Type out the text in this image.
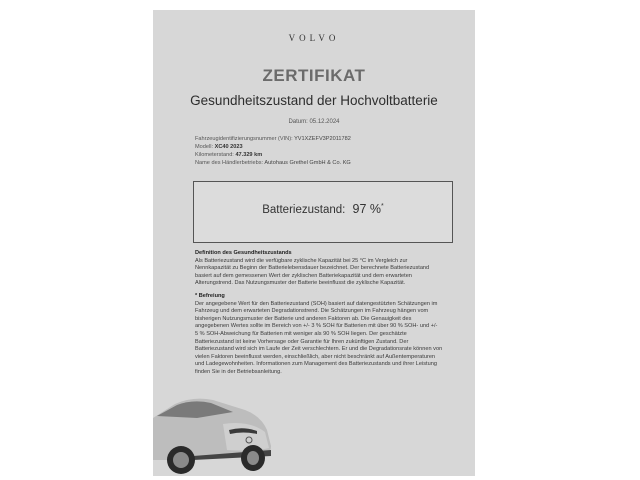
VOLVO
ZERTIFIKAT
Gesundheitszustand der Hochvoltbatterie
Datum: 05.12.2024
Fahrzeugidentifizierungsnummer (VIN): YV1XZEFV3P2011782
Modell: XC40 2023
Kilometerstand: 47.329 km
Name des Händlerbetriebs: Autohaus Grethel GmbH & Co. KG
Batteriezustand: 97 %*
Definition des Gesundheitszustands
Als Batteriezustand wird die verfügbare zyklische Kapazität bei 25 °C im Vergleich zur
Nennkapazität zu Beginn der Batterielebensdauer bezeichnet. Der berechnete Batteriezustand
basiert auf dem gemessenen Wert der zyklischen Batteriekapazität und dem erwarteten
Alterungstrend. Das Nutzungsmuster der Batterie beeinflusst die zyklische Kapazität.
* Befreiung
Der angegebene Wert für den Batteriezustand (SOH) basiert auf datengestützten Schätzungen im
Fahrzeug und dem erwarteten Degradationstrend. Die Schätzungen im Fahrzeug hängen vom
bisherigen Nutzungsmuster der Batterie und anderen Faktoren ab. Die Genauigkeit des
angegebenen Wertes sollte im Bereich von +/- 3 % SOH für Batterien mit über 90 % SOH- und +/-
5 % SOH-Abweichung für Batterien mit weniger als 90 % SOH liegen. Der geschätzte
Batteriezustand ist keine Vorhersage oder Garantie für Ihren zukünftigen Zustand. Der
Batteriezustand wird sich im Laufe der Zeit verschlechtern. Er und die Degradationsrate können von
vielen Faktoren beeinflusst werden, einschließlich, aber nicht beschränkt auf Außentemperaturen
und Ladegewohnheiten. Informationen zum Management des Batteriezustands und ihrer Leistung
finden Sie in der Betriebsanleitung.
